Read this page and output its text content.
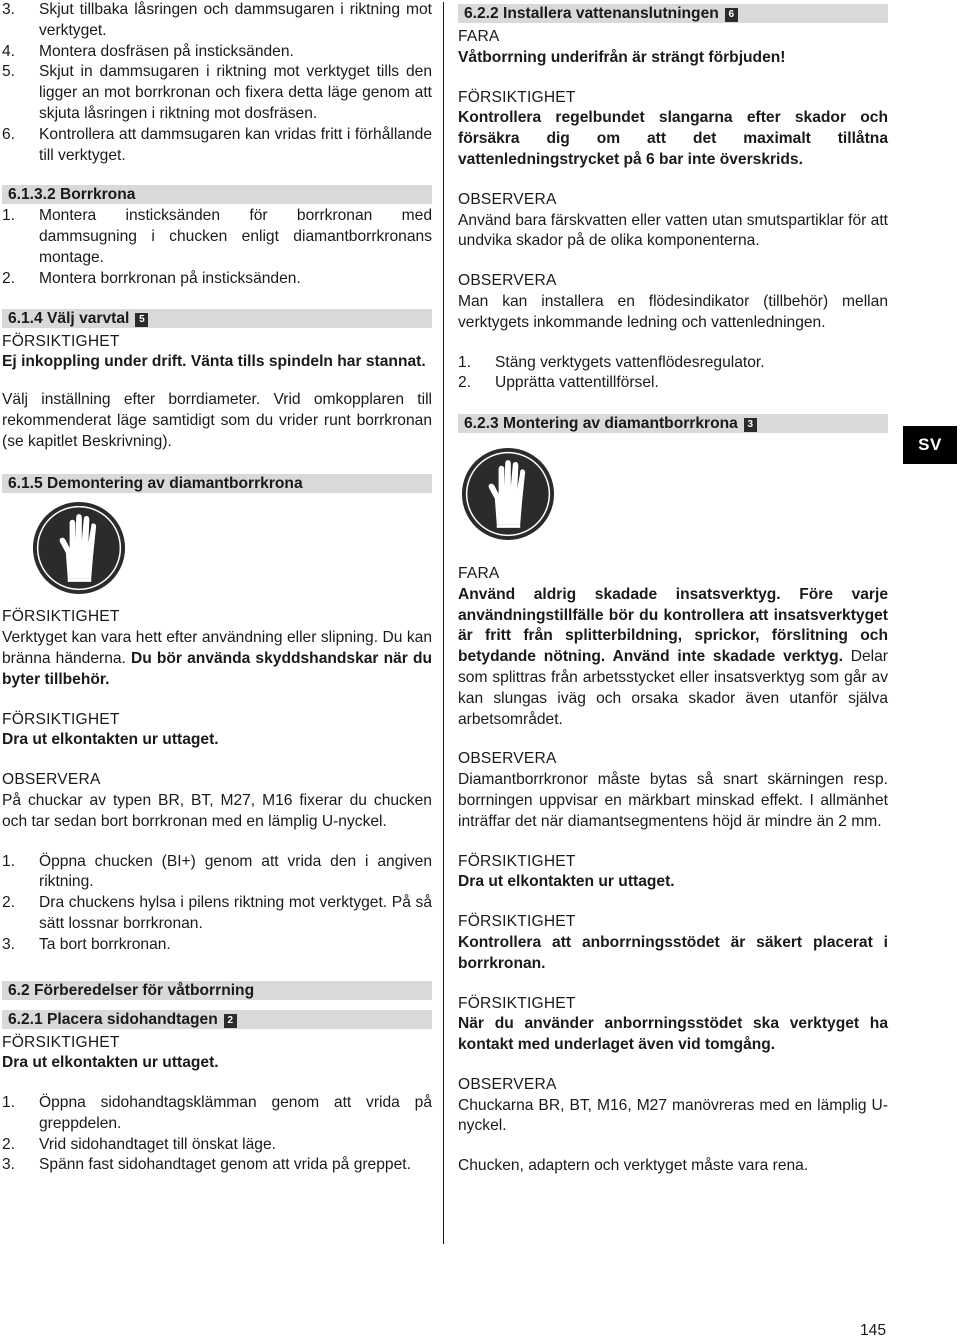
3. Skjut tillbaka låsringen och dammsugaren i riktning mot verktyget.
4. Montera dosfräsen på insticksänden.
5. Skjut in dammsugaren i riktning mot verktyget tills den ligger an mot borrkronan och fixera detta läge genom att skjuta låsringen i riktning mot dosfräsen.
6. Kontrollera att dammsugaren kan vridas fritt i förhållande till verktyget.
6.1.3.2 Borrkrona
1. Montera insticksänden för borrkronan med dammsugning i chucken enligt diamantborrkronans montage.
2. Montera borrkronan på insticksänden.
6.1.4 Välj varvtal 5
FÖRSIKTIGHET
Ej inkoppling under drift. Vänta tills spindeln har stannat.
Välj inställning efter borrdiameter. Vrid omkopplaren till rekommenderat läge samtidigt som du vrider runt borrkronan (se kapitlet Beskrivning).
6.1.5 Demontering av diamantborrkrona
FÖRSIKTIGHET
Verktyget kan vara hett efter användning eller slipning. Du kan bränna händerna. Du bör använda skyddshandskar när du byter tillbehör.
FÖRSIKTIGHET
Dra ut elkontakten ur uttaget.
OBSERVERA
På chuckar av typen BR, BT, M27, M16 fixerar du chucken och tar sedan bort borrkronan med en lämplig U-nyckel.
1. Öppna chucken (BI+) genom att vrida den i angiven riktning.
2. Dra chuckens hylsa i pilens riktning mot verktyget. På så sätt lossnar borrkronan.
3. Ta bort borrkronan.
6.2 Förberedelser för våtborrning
6.2.1 Placera sidohandtagen 2
FÖRSIKTIGHET
Dra ut elkontakten ur uttaget.
1. Öppna sidohandtagsklämman genom att vrida på greppdelen.
2. Vrid sidohandtaget till önskat läge.
3. Spänn fast sidohandtaget genom att vrida på greppet.
6.2.2 Installera vattenanslutningen 6
FARA
Våtborrning underifrån är strängt förbjuden!
FÖRSIKTIGHET
Kontrollera regelbundet slangarna efter skador och försäkra dig om att det maximalt tillåtna vattenledningstrycket på 6 bar inte överskrids.
OBSERVERA
Använd bara färskvatten eller vatten utan smutspartiklar för att undvika skador på de olika komponenterna.
OBSERVERA
Man kan installera en flödesindikator (tillbehör) mellan verktygets inkommande ledning och vattenledningen.
1. Stäng verktygets vattenflödesregulator.
2. Upprätta vattentillförsel.
6.2.3 Montering av diamantborrkrona 3
FARA
Använd aldrig skadade insatsverktyg. Före varje användningstillfälle bör du kontrollera att insatsverktyget är fritt från splitterbildning, sprickor, förslitning och betydande nötning. Använd inte skadade verktyg. Delar som splittras från arbetsstycket eller insatsverktyg som går av kan slungas iväg och orsaka skador även utanför själva arbetsområdet.
OBSERVERA
Diamantborrkronor måste bytas så snart skärningen resp. borrningen uppvisar en märkbart minskad effekt. I allmänhet inträffar det när diamantsegmentens höjd är mindre än 2 mm.
FÖRSIKTIGHET
Dra ut elkontakten ur uttaget.
FÖRSIKTIGHET
Kontrollera att anborrningsstödet är säkert placerat i borrkronan.
FÖRSIKTIGHET
När du använder anborrningsstödet ska verktyget ha kontakt med underlaget även vid tomgång.
OBSERVERA
Chuckarna BR, BT, M16, M27 manövreras med en lämplig U-nyckel.
Chucken, adaptern och verktyget måste vara rena.
SV
145
